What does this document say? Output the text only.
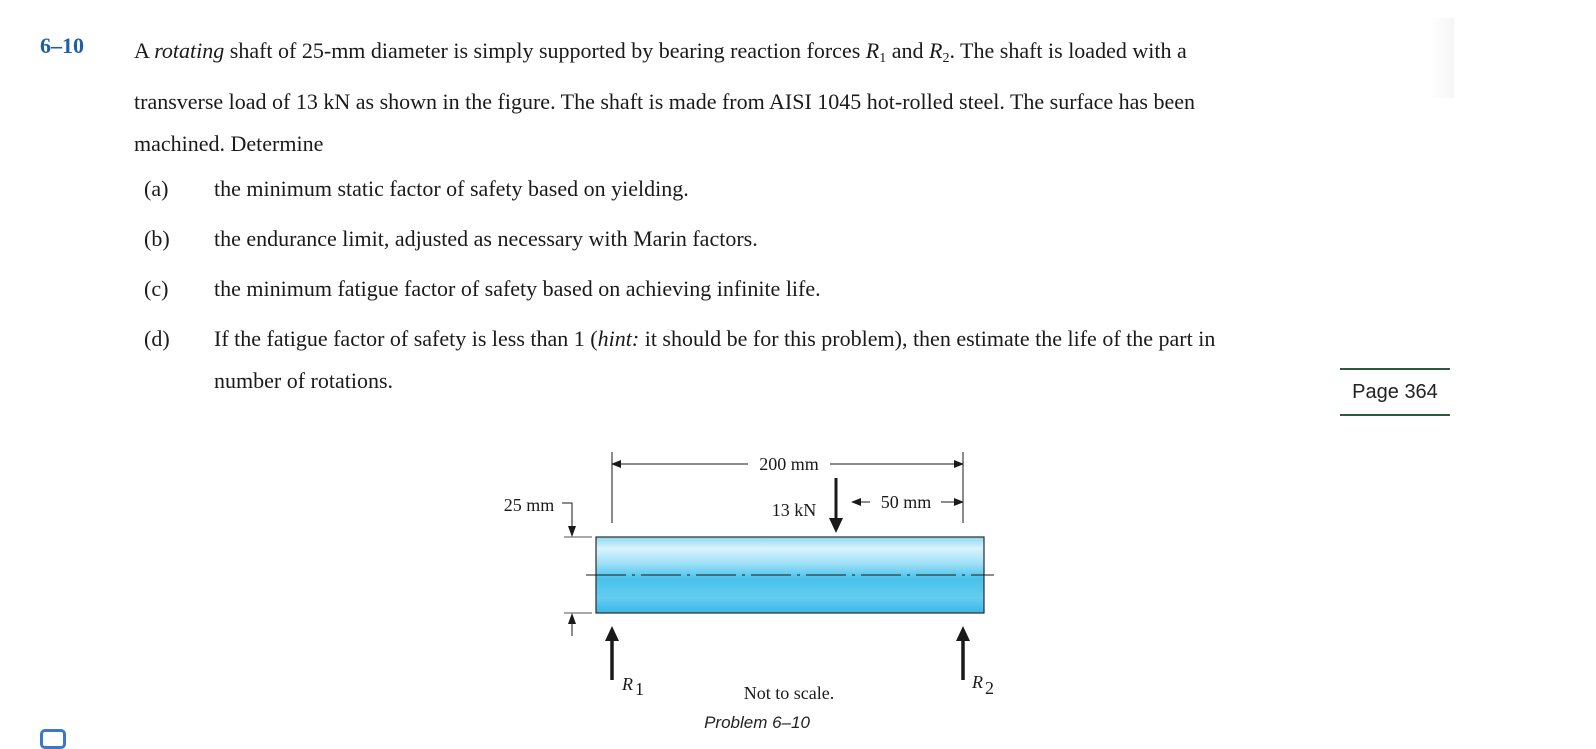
6–10 A rotating shaft of 25-mm diameter is simply supported by bearing reaction forces $R_1$ and $R_2$. The shaft is loaded with a
transverse load of 13 kN as shown in the figure. The shaft is made from AISI 1045 hot-rolled steel. The surface has been
machined. Determine
(a) the minimum static factor of safety based on yielding.
(b) the endurance limit, adjusted as necessary with Marin factors.
(c) the minimum fatigue factor of safety based on achieving infinite life.
(d) If the fatigue factor of safety is less than 1 (hint: it should be for this problem), then estimate the life of the part in
number of rotations.	Page 364
200 mm
50 mm
13 kN
25 mm
R 1	R 2
Not to scale.
Problem 6–10
